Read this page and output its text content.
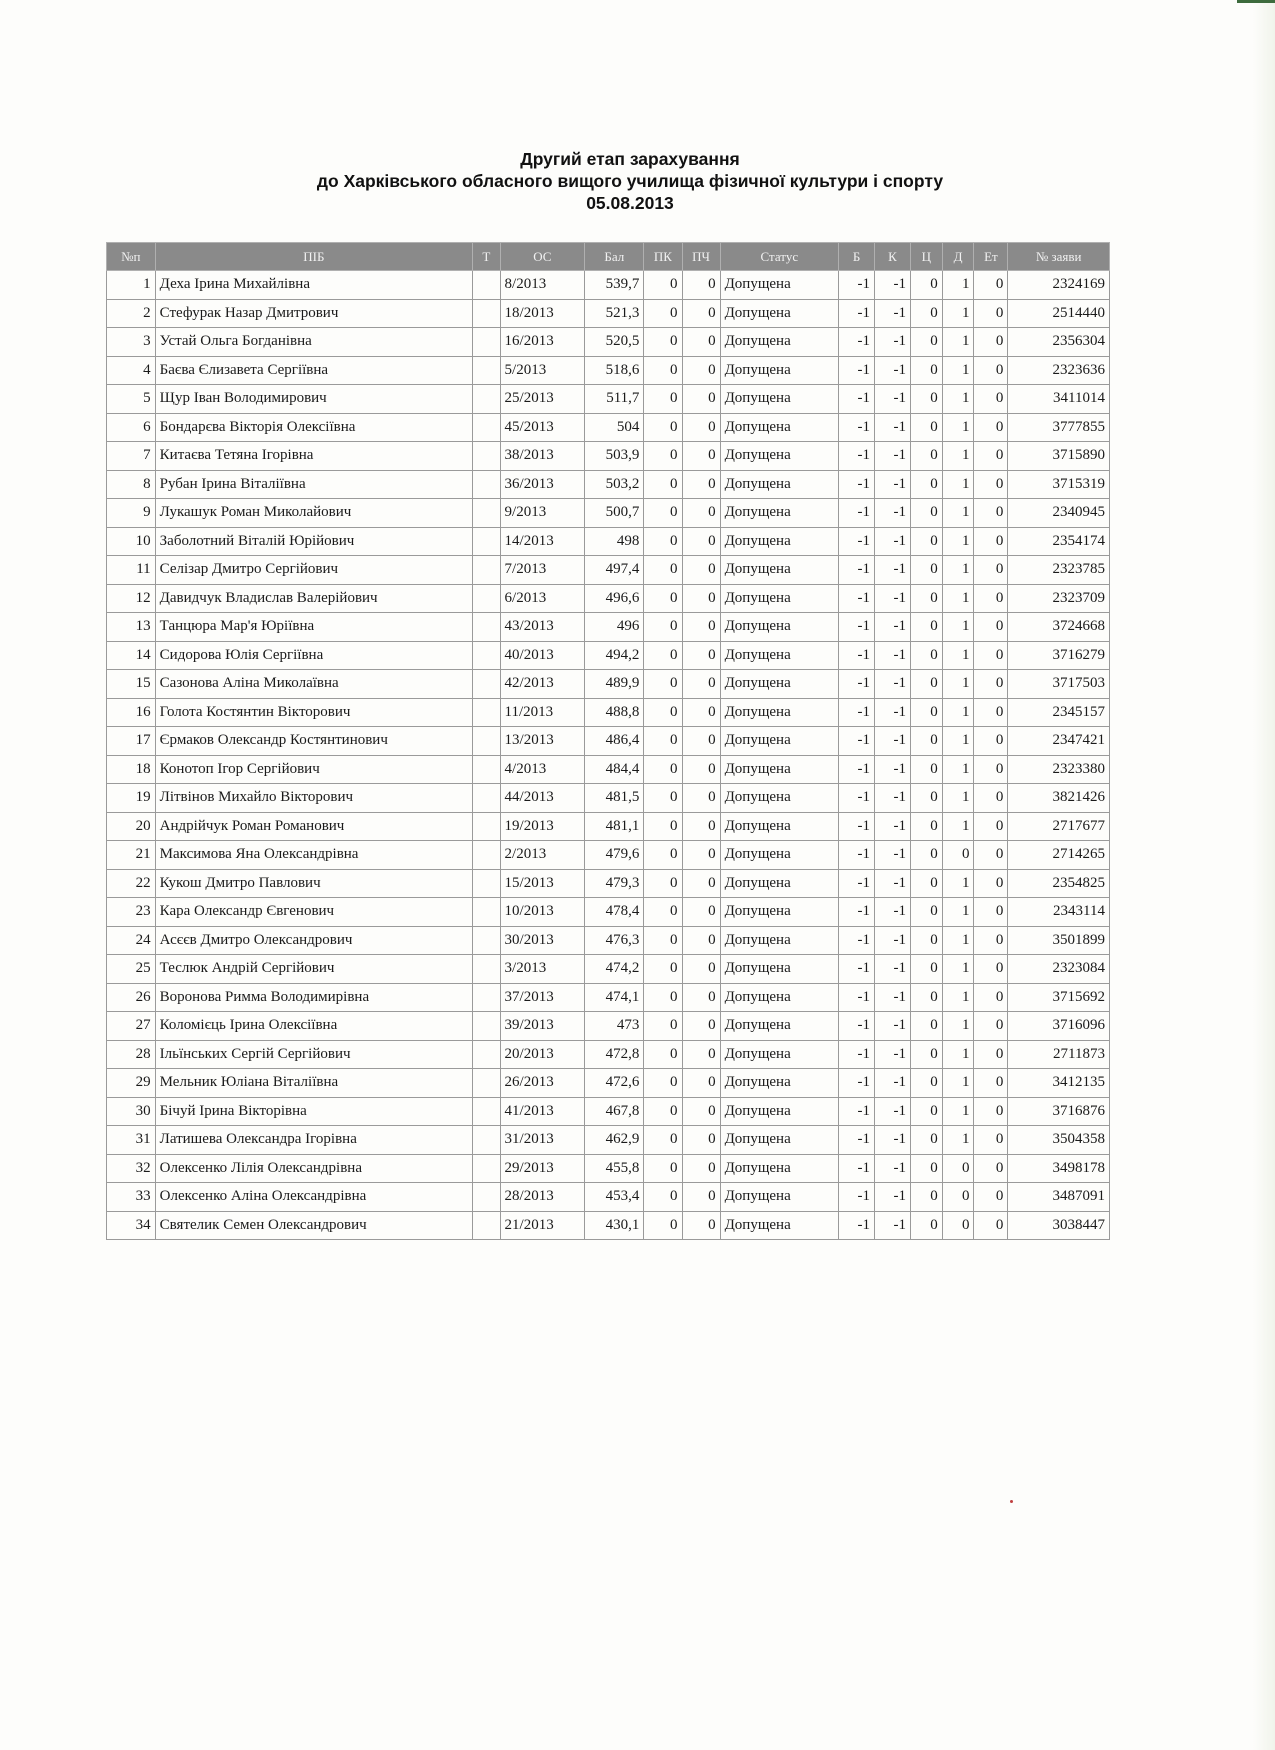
Другий етап зарахування
до Харківського обласного вищого училища фізичної культури і спорту
05.08.2013
№п	ПІБ	Т	ОС	Бал	ПК	ПЧ	Статус	Б	К	Ц	Д	Ет	№ заяви
1	Деха Ірина Михайлівна		8/2013	539,7	0	0	Допущена	-1	-1	0	1	0	2324169
2	Стефурак Назар Дмитрович		18/2013	521,3	0	0	Допущена	-1	-1	0	1	0	2514440
3	Устай Ольга Богданівна		16/2013	520,5	0	0	Допущена	-1	-1	0	1	0	2356304
4	Баєва Єлизавета Сергіївна		5/2013	518,6	0	0	Допущена	-1	-1	0	1	0	2323636
5	Щур Іван Володимирович		25/2013	511,7	0	0	Допущена	-1	-1	0	1	0	3411014
6	Бондарєва Вікторія Олексіївна		45/2013	504	0	0	Допущена	-1	-1	0	1	0	3777855
7	Китаєва Тетяна Ігорівна		38/2013	503,9	0	0	Допущена	-1	-1	0	1	0	3715890
8	Рубан Ірина Віталіївна		36/2013	503,2	0	0	Допущена	-1	-1	0	1	0	3715319
9	Лукашук Роман Миколайович		9/2013	500,7	0	0	Допущена	-1	-1	0	1	0	2340945
10	Заболотний Віталій Юрійович		14/2013	498	0	0	Допущена	-1	-1	0	1	0	2354174
11	Селізар Дмитро Сергійович		7/2013	497,4	0	0	Допущена	-1	-1	0	1	0	2323785
12	Давидчук Владислав Валерійович		6/2013	496,6	0	0	Допущена	-1	-1	0	1	0	2323709
13	Танцюра Мар'я Юріївна		43/2013	496	0	0	Допущена	-1	-1	0	1	0	3724668
14	Сидорова Юлія Сергіївна		40/2013	494,2	0	0	Допущена	-1	-1	0	1	0	3716279
15	Сазонова Аліна Миколаївна		42/2013	489,9	0	0	Допущена	-1	-1	0	1	0	3717503
16	Голота Костянтин Вікторович		11/2013	488,8	0	0	Допущена	-1	-1	0	1	0	2345157
17	Єрмаков Олександр Костянтинович		13/2013	486,4	0	0	Допущена	-1	-1	0	1	0	2347421
18	Конотоп Ігор Сергійович		4/2013	484,4	0	0	Допущена	-1	-1	0	1	0	2323380
19	Літвінов Михайло Вікторович		44/2013	481,5	0	0	Допущена	-1	-1	0	1	0	3821426
20	Андрійчук Роман Романович		19/2013	481,1	0	0	Допущена	-1	-1	0	1	0	2717677
21	Максимова Яна Олександрівна		2/2013	479,6	0	0	Допущена	-1	-1	0	0	0	2714265
22	Кукош Дмитро Павлович		15/2013	479,3	0	0	Допущена	-1	-1	0	1	0	2354825
23	Кара Олександр Євгенович		10/2013	478,4	0	0	Допущена	-1	-1	0	1	0	2343114
24	Асєєв Дмитро Олександрович		30/2013	476,3	0	0	Допущена	-1	-1	0	1	0	3501899
25	Теслюк Андрій Сергійович		3/2013	474,2	0	0	Допущена	-1	-1	0	1	0	2323084
26	Воронова Римма Володимирівна		37/2013	474,1	0	0	Допущена	-1	-1	0	1	0	3715692
27	Коломієць Ірина Олексіївна		39/2013	473	0	0	Допущена	-1	-1	0	1	0	3716096
28	Ільїнських Сергій Сергійович		20/2013	472,8	0	0	Допущена	-1	-1	0	1	0	2711873
29	Мельник Юліана Віталіївна		26/2013	472,6	0	0	Допущена	-1	-1	0	1	0	3412135
30	Бічуй Ірина Вікторівна		41/2013	467,8	0	0	Допущена	-1	-1	0	1	0	3716876
31	Латишева Олександра Ігорівна		31/2013	462,9	0	0	Допущена	-1	-1	0	1	0	3504358
32	Олексенко Лілія Олександрівна		29/2013	455,8	0	0	Допущена	-1	-1	0	0	0	3498178
33	Олексенко Аліна Олександрівна		28/2013	453,4	0	0	Допущена	-1	-1	0	0	0	3487091
34	Святелик Семен Олександрович		21/2013	430,1	0	0	Допущена	-1	-1	0	0	0	3038447
